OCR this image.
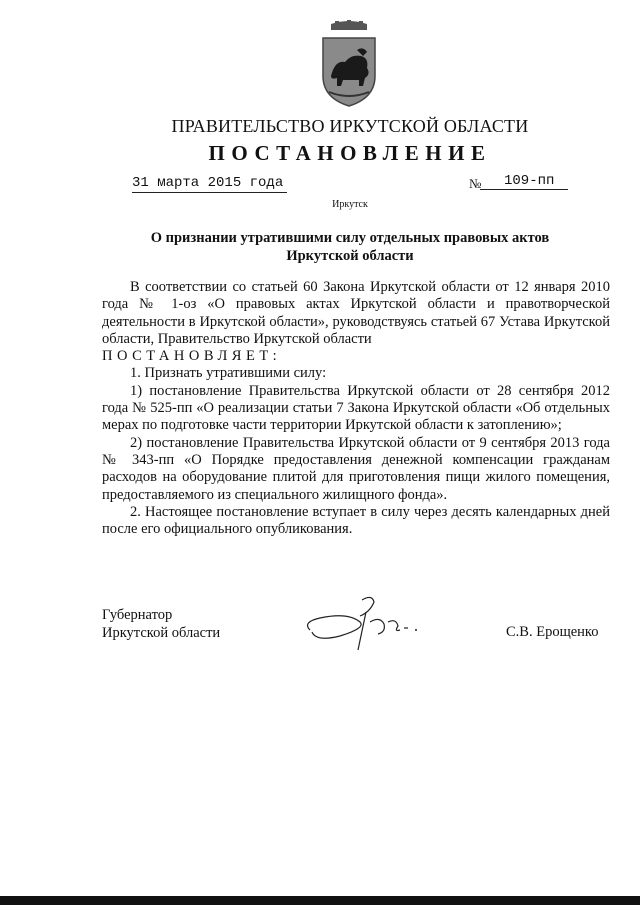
ПРАВИТЕЛЬСТВО ИРКУТСКОЙ ОБЛАСТИ
ПОСТАНОВЛЕНИЕ
31 марта 2015 года	№	109-пп
Иркутск
О признании утратившими силу отдельных правовых актов
Иркутской области

В соответствии со статьей 60 Закона Иркутской области от 12 января 2010 года № 1-оз «О правовых актах Иркутской области и правотворческой деятельности в Иркутской области», руководствуясь статьей 67 Устава Иркутской области, Правительство Иркутской области

ПОСТАНОВЛЯЕТ:

1. Признать утратившими силу:

1) постановление Правительства Иркутской области от 28 сентября 2012 года № 525-пп «О реализации статьи 7 Закона Иркутской области «Об отдельных мерах по подготовке части территории Иркутской области к затоплению»;

2) постановление Правительства Иркутской области от 9 сентября 2013 года № 343-пп «О Порядке предоставления денежной компенсации гражданам расходов на оборудование плитой для приготовления пищи жилого помещения, предоставляемого из специального жилищного фонда».

2. Настоящее постановление вступает в силу через десять календарных дней после его официального опубликования.

Губернатор
Иркутской области	С.В. Ерощенко
